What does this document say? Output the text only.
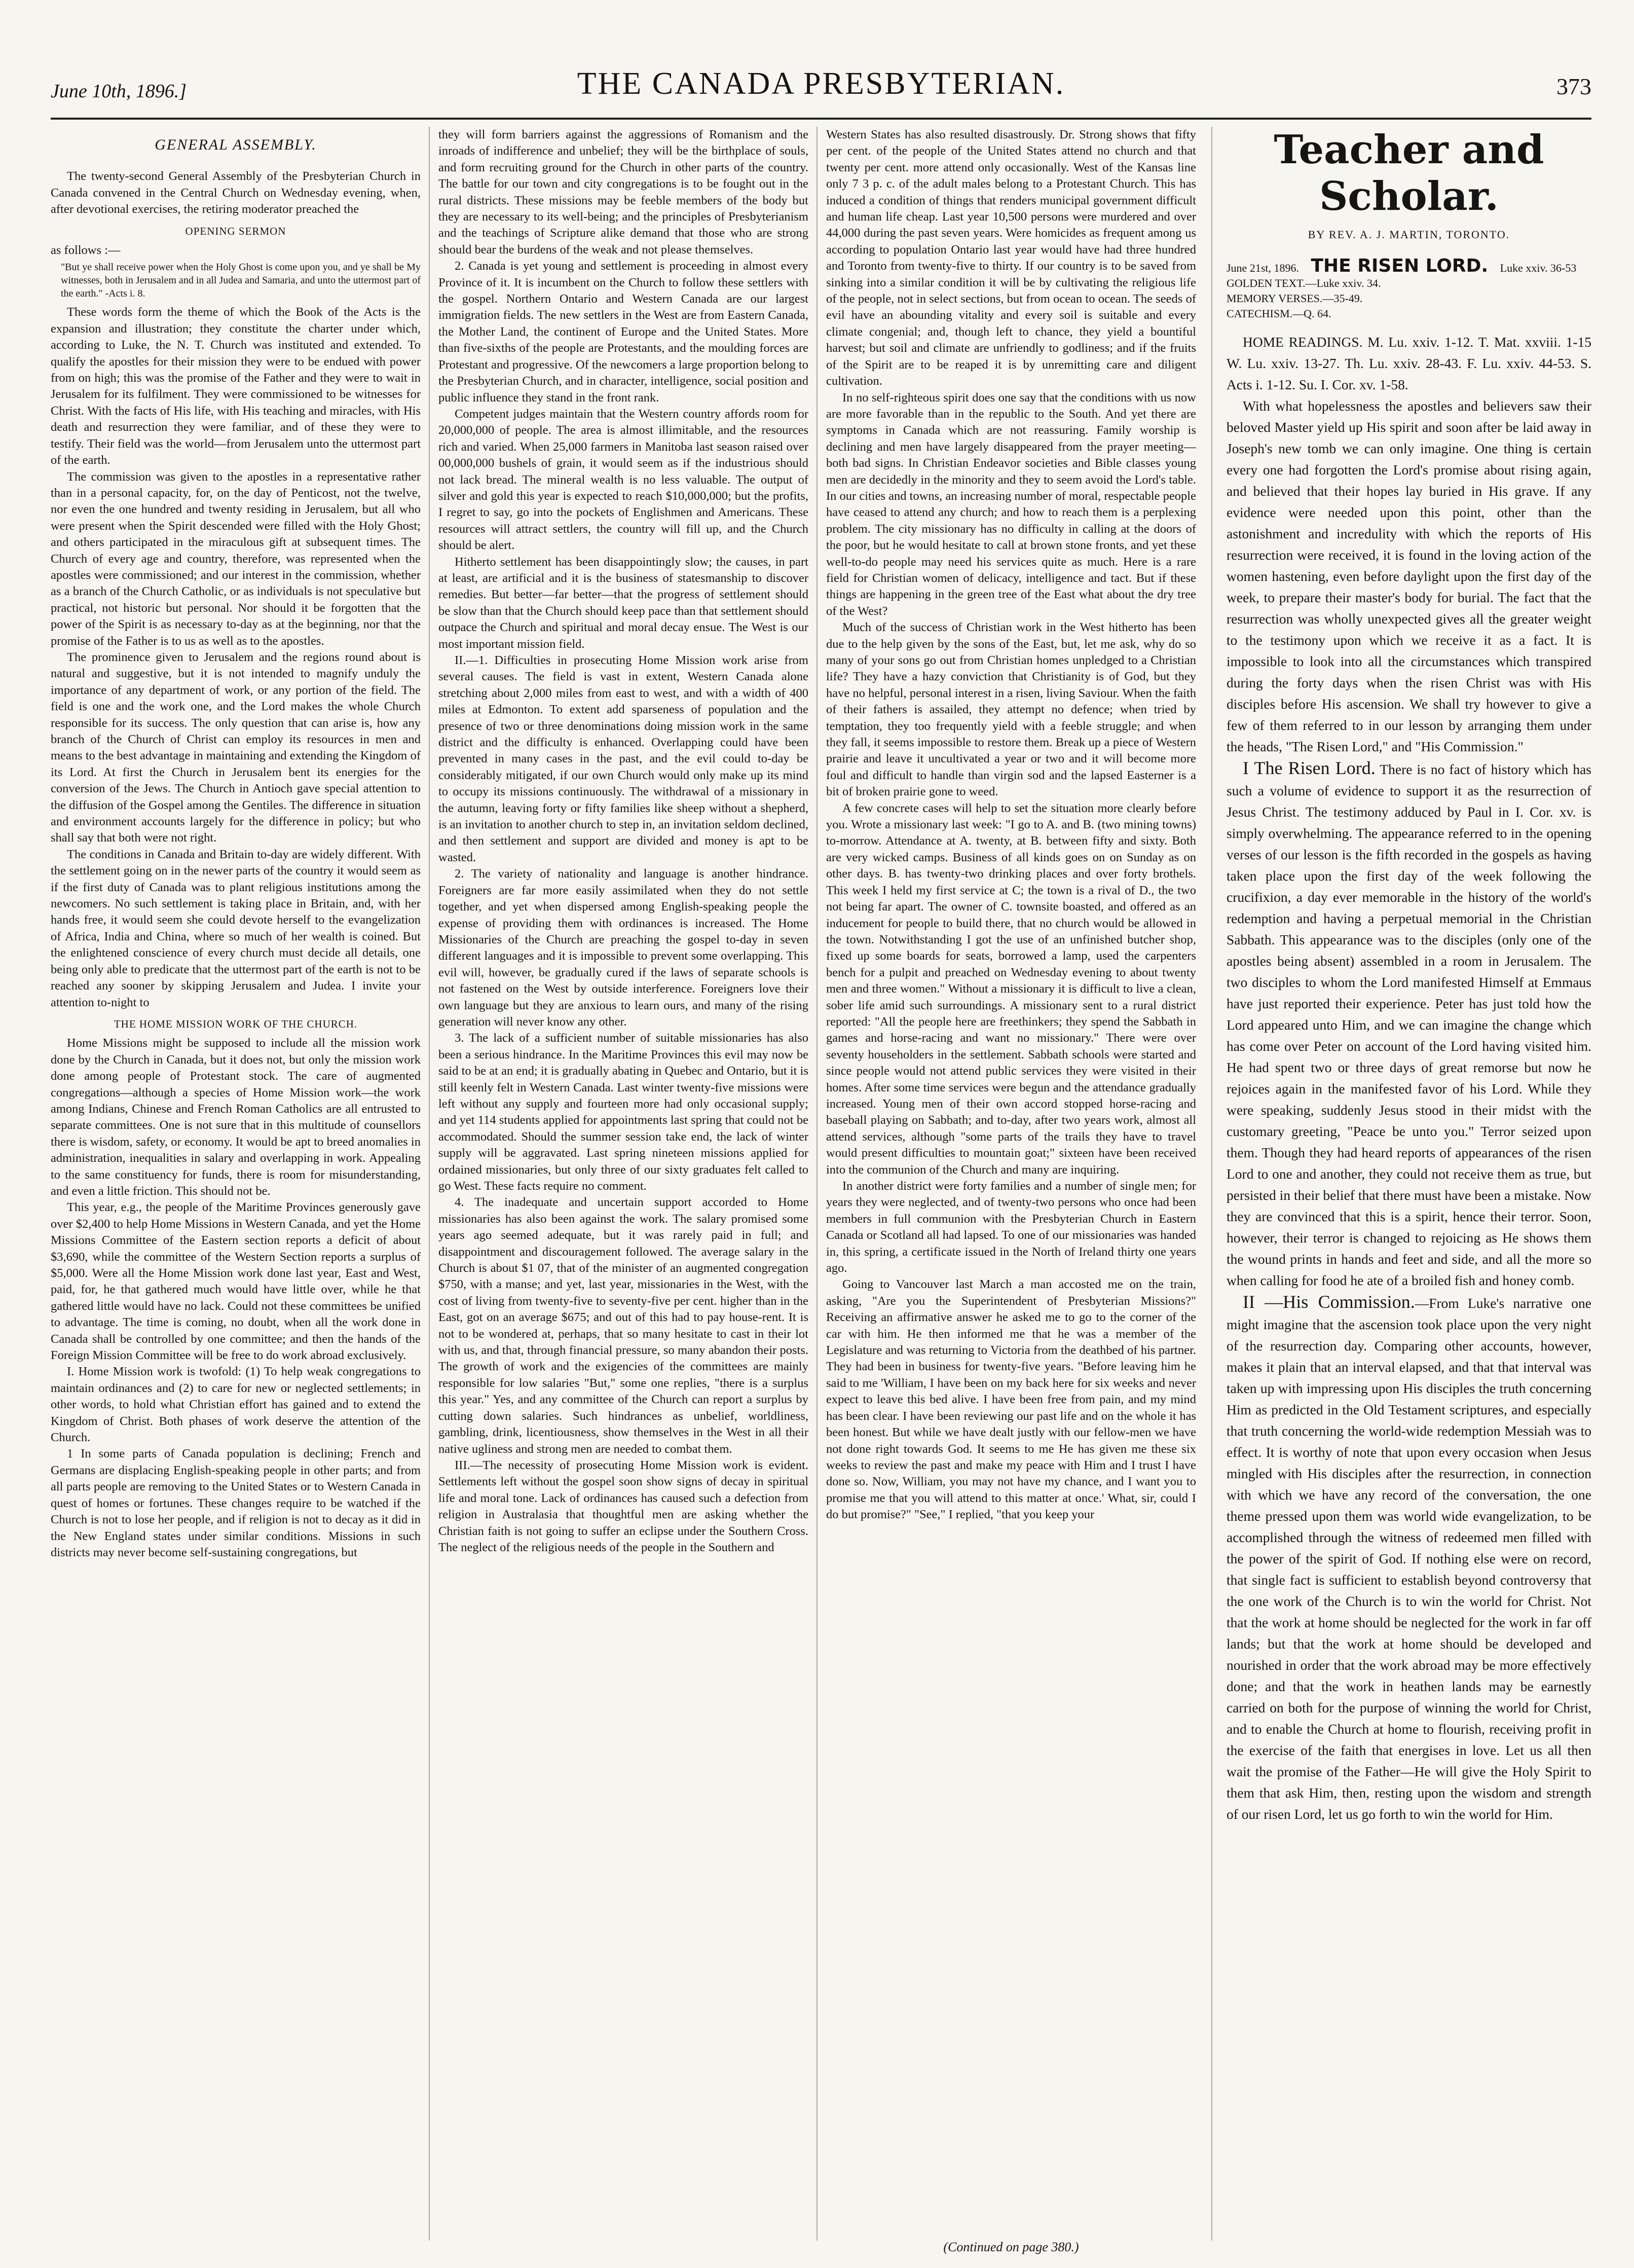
June 10th, 1896.]	THE CANADA PRESBYTERIAN.	373
GENERAL ASSEMBLY.

The twenty-second General Assembly of the Presbyterian Church in Canada convened in the Central Church on Wednesday evening, when, after devotional exercises, the retiring moderator preached the

OPENING SERMON
as follows :—
"But ye shall receive power when the Holy Ghost is come upon you, and ye shall be My witnesses, both in Jerusalem and in all Judea and Samaria, and unto the uttermost part of the earth." -Acts i. 8.

These words form the theme of which the Book of the Acts is the expansion and illustration; they constitute the charter under which, according to Luke, the N. T. Church was instituted and extended. To qualify the apostles for their mission they were to be endued with power from on high; this was the promise of the Father and they were to wait in Jerusalem for its fulfilment. They were commissioned to be witnesses for Christ. With the facts of His life, with His teaching and miracles, with His death and resurrection they were familiar, and of these they were to testify. Their field was the world—from Jerusalem unto the uttermost part of the earth.

The commission was given to the apostles in a representative rather than in a personal capacity, for, on the day of Penticost, not the twelve, nor even the one hundred and twenty residing in Jerusalem, but all who were present when the Spirit descended were filled with the Holy Ghost; and others participated in the miraculous gift at subsequent times. The Church of every age and country, therefore, was represented when the apostles were commissioned; and our interest in the commission, whether as a branch of the Church Catholic, or as individuals is not speculative but practical, not historic but personal. Nor should it be forgotten that the power of the Spirit is as necessary to-day as at the beginning, nor that the promise of the Father is to us as well as to the apostles.

The prominence given to Jerusalem and the regions round about is natural and suggestive, but it is not intended to magnify unduly the importance of any department of work, or any portion of the field. The field is one and the work one, and the Lord makes the whole Church responsible for its success. The only question that can arise is, how any branch of the Church of Christ can employ its resources in men and means to the best advantage in maintaining and extending the Kingdom of its Lord. At first the Church in Jerusalem bent its energies for the conversion of the Jews. The Church in Antioch gave special attention to the diffusion of the Gospel among the Gentiles. The difference in situation and environment accounts largely for the difference in policy; but who shall say that both were not right.

The conditions in Canada and Britain to-day are widely different. With the settlement going on in the newer parts of the country it would seem as if the first duty of Canada was to plant religious institutions among the newcomers. No such settlement is taking place in Britain, and, with her hands free, it would seem she could devote herself to the evangelization of Africa, India and China, where so much of her wealth is coined. But the enlightened conscience of every church must decide all details, one being only able to predicate that the uttermost part of the earth is not to be reached any sooner by skipping Jerusalem and Judea. I invite your attention to-night to

THE HOME MISSION WORK OF THE CHURCH.

Home Missions might be supposed to include all the mission work done by the Church in Canada, but it does not, but only the mission work done among people of Protestant stock. The care of augmented congregations—although a species of Home Mission work—the work among Indians, Chinese and French Roman Catholics are all entrusted to separate committees. One is not sure that in this multitude of counsellors there is wisdom, safety, or economy. It would be apt to breed anomalies in administration, inequalities in salary and overlapping in work. Appealing to the same constituency for funds, there is room for misunderstanding, and even a little friction. This should not be.

This year, e.g., the people of the Maritime Provinces generously gave over $2,400 to help Home Missions in Western Canada, and yet the Home Missions Committee of the Eastern section reports a deficit of about $3,690, while the committee of the Western Section reports a surplus of $5,000. Were all the Home Mission work done last year, East and West, paid, for, he that gathered much would have little over, while he that gathered little would have no lack. Could not these committees be unified to advantage. The time is coming, no doubt, when all the work done in Canada shall be controlled by one committee; and then the hands of the Foreign Mission Committee will be free to do work abroad exclusively.

I. Home Mission work is twofold: (1) To help weak congregations to maintain ordinances and (2) to care for new or neglected settlements; in other words, to hold what Christian effort has gained and to extend the Kingdom of Christ. Both phases of work deserve the attention of the Church.

1 In some parts of Canada population is declining; French and Germans are displacing English-speaking people in other parts; and from all parts people are removing to the United States or to Western Canada in quest of homes or fortunes. These changes require to be watched if the Church is not to lose her people, and if religion is not to decay as it did in the New England states under similar conditions. Missions in such districts may never become self-sustaining congregations, but

they will form barriers against the aggressions of Romanism and the inroads of indifference and unbelief; they will be the birthplace of souls, and form recruiting ground for the Church in other parts of the country. The battle for our town and city congregations is to be fought out in the rural districts. These missions may be feeble members of the body but they are necessary to its well-being; and the principles of Presbyterianism and the teachings of Scripture alike demand that those who are strong should bear the burdens of the weak and not please themselves.

2. Canada is yet young and settlement is proceeding in almost every Province of it. It is incumbent on the Church to follow these settlers with the gospel. Northern Ontario and Western Canada are our largest immigration fields. The new settlers in the West are from Eastern Canada, the Mother Land, the continent of Europe and the United States. More than five-sixths of the people are Protestants, and the moulding forces are Protestant and progressive. Of the newcomers a large proportion belong to the Presbyterian Church, and in character, intelligence, social position and public influence they stand in the front rank.

Competent judges maintain that the Western country affords room for 20,000,000 of people. The area is almost illimitable, and the resources rich and varied. When 25,000 farmers in Manitoba last season raised over 00,000,000 bushels of grain, it would seem as if the industrious should not lack bread. The mineral wealth is no less valuable. The output of silver and gold this year is expected to reach $10,000,000; but the profits, I regret to say, go into the pockets of Englishmen and Americans. These resources will attract settlers, the country will fill up, and the Church should be alert.

Hitherto settlement has been disappointingly slow; the causes, in part at least, are artificial and it is the business of statesmanship to discover remedies. But better—far better—that the progress of settlement should be slow than that the Church should keep pace than that settlement should outpace the Church and spiritual and moral decay ensue. The West is our most important mission field.

II.—1. Difficulties in prosecuting Home Mission work arise from several causes. The field is vast in extent, Western Canada alone stretching about 2,000 miles from east to west, and with a width of 400 miles at Edmonton. To extent add sparseness of population and the presence of two or three denominations doing mission work in the same district and the difficulty is enhanced. Overlapping could have been prevented in many cases in the past, and the evil could to-day be considerably mitigated, if our own Church would only make up its mind to occupy its missions continuously. The withdrawal of a missionary in the autumn, leaving forty or fifty families like sheep without a shepherd, is an invitation to another church to step in, an invitation seldom declined, and then settlement and support are divided and money is apt to be wasted.

2. The variety of nationality and language is another hindrance. Foreigners are far more easily assimilated when they do not settle together, and yet when dispersed among English-speaking people the expense of providing them with ordinances is increased. The Home Missionaries of the Church are preaching the gospel to-day in seven different languages and it is impossible to prevent some overlapping. This evil will, however, be gradually cured if the laws of separate schools is not fastened on the West by outside interference. Foreigners love their own language but they are anxious to learn ours, and many of the rising generation will never know any other.

3. The lack of a sufficient number of suitable missionaries has also been a serious hindrance. In the Maritime Provinces this evil may now be said to be at an end; it is gradually abating in Quebec and Ontario, but it is still keenly felt in Western Canada. Last winter twenty-five missions were left without any supply and fourteen more had only occasional supply; and yet 114 students applied for appointments last spring that could not be accommodated. Should the summer session take end, the lack of winter supply will be aggravated. Last spring nineteen missions applied for ordained missionaries, but only three of our sixty graduates felt called to go West. These facts require no comment.

4. The inadequate and uncertain support accorded to Home missionaries has also been against the work. The salary promised some years ago seemed adequate, but it was rarely paid in full; and disappointment and discouragement followed. The average salary in the Church is about $1 07, that of the minister of an augmented congregation $750, with a manse; and yet, last year, missionaries in the West, with the cost of living from twenty-five to seventy-five per cent. higher than in the East, got on an average $675; and out of this had to pay house-rent. It is not to be wondered at, perhaps, that so many hesitate to cast in their lot with us, and that, through financial pressure, so many abandon their posts. The growth of work and the exigencies of the committees are mainly responsible for low salaries "But," some one replies, "there is a surplus this year." Yes, and any committee of the Church can report a surplus by cutting down salaries. Such hindrances as unbelief, worldliness, gambling, drink, licentiousness, show themselves in the West in all their native ugliness and strong men are needed to combat them.

III.—The necessity of prosecuting Home Mission work is evident. Settlements left without the gospel soon show signs of decay in spiritual life and moral tone. Lack of ordinances has caused such a defection from religion in Australasia that thoughtful men are asking whether the Christian faith is not going to suffer an eclipse under the Southern Cross. The neglect of the religious needs of the people in the Southern and

Western States has also resulted disastrously. Dr. Strong shows that fifty per cent. of the people of the United States attend no church and that twenty per cent. more attend only occasionally. West of the Kansas line only 7 3 p. c. of the adult males belong to a Protestant Church. This has induced a condition of things that renders municipal government difficult and human life cheap. Last year 10,500 persons were murdered and over 44,000 during the past seven years. Were homicides as frequent among us according to population Ontario last year would have had three hundred and Toronto from twenty-five to thirty. If our country is to be saved from sinking into a similar condition it will be by cultivating the religious life of the people, not in select sections, but from ocean to ocean. The seeds of evil have an abounding vitality and every soil is suitable and every climate congenial; and, though left to chance, they yield a bountiful harvest; but soil and climate are unfriendly to godliness; and if the fruits of the Spirit are to be reaped it is by unremitting care and diligent cultivation.

In no self-righteous spirit does one say that the conditions with us now are more favorable than in the republic to the South. And yet there are symptoms in Canada which are not reassuring. Family worship is declining and men have largely disappeared from the prayer meeting—both bad signs. In Christian Endeavor societies and Bible classes young men are decidedly in the minority and they to seem avoid the Lord's table. In our cities and towns, an increasing number of moral, respectable people have ceased to attend any church; and how to reach them is a perplexing problem. The city missionary has no difficulty in calling at the doors of the poor, but he would hesitate to call at brown stone fronts, and yet these well-to-do people may need his services quite as much. Here is a rare field for Christian women of delicacy, intelligence and tact. But if these things are happening in the green tree of the East what about the dry tree of the West?

Much of the success of Christian work in the West hitherto has been due to the help given by the sons of the East, but, let me ask, why do so many of your sons go out from Christian homes unpledged to a Christian life? They have a hazy conviction that Christianity is of God, but they have no helpful, personal interest in a risen, living Saviour. When the faith of their fathers is assailed, they attempt no defence; when tried by temptation, they too frequently yield with a feeble struggle; and when they fall, it seems impossible to restore them. Break up a piece of Western prairie and leave it uncultivated a year or two and it will become more foul and difficult to handle than virgin sod and the lapsed Easterner is a bit of broken prairie gone to weed.

A few concrete cases will help to set the situation more clearly before you. Wrote a missionary last week: "I go to A. and B. (two mining towns) to-morrow. Attendance at A. twenty, at B. between fifty and sixty. Both are very wicked camps. Business of all kinds goes on on Sunday as on other days. B. has twenty-two drinking places and over forty brothels. This week I held my first service at C; the town is a rival of D., the two not being far apart. The owner of C. townsite boasted, and offered as an inducement for people to build there, that no church would be allowed in the town. Notwithstanding I got the use of an unfinished butcher shop, fixed up some boards for seats, borrowed a lamp, used the carpenters bench for a pulpit and preached on Wednesday evening to about twenty men and three women." Without a missionary it is difficult to live a clean, sober life amid such surroundings. A missionary sent to a rural district reported: "All the people here are freethinkers; they spend the Sabbath in games and horse-racing and want no missionary." There were over seventy householders in the settlement. Sabbath schools were started and since people would not attend public services they were visited in their homes. After some time services were begun and the attendance gradually increased. Young men of their own accord stopped horse-racing and baseball playing on Sabbath; and to-day, after two years work, almost all attend services, although "some parts of the trails they have to travel would present difficulties to mountain goat;" sixteen have been received into the communion of the Church and many are inquiring.

In another district were forty families and a number of single men; for years they were neglected, and of twenty-two persons who once had been members in full communion with the Presbyterian Church in Eastern Canada or Scotland all had lapsed. To one of our missionaries was handed in, this spring, a certificate issued in the North of Ireland thirty one years ago.

Going to Vancouver last March a man accosted me on the train, asking, "Are you the Superintendent of Presbyterian Missions?" Receiving an affirmative answer he asked me to go to the corner of the car with him. He then informed me that he was a member of the Legislature and was returning to Victoria from the deathbed of his partner. They had been in business for twenty-five years. "Before leaving him he said to me 'William, I have been on my back here for six weeks and never expect to leave this bed alive. I have been free from pain, and my mind has been clear. I have been reviewing our past life and on the whole it has been honest. But while we have dealt justly with our fellow-men we have not done right towards God. It seems to me He has given me these six weeks to review the past and make my peace with Him and I trust I have done so. Now, William, you may not have my chance, and I want you to promise me that you will attend to this matter at once.' What, sir, could I do but promise?" "See," I replied, "that you keep your

(Continued on page 380.)
Teacher and Scholar.
BY REV. A. J. MARTIN, TORONTO.
June 21st, 1896. THE RISEN LORD. Luke xxiv. 36-53
GOLDEN TEXT.—Luke xxiv. 34.
MEMORY VERSES.—35-49.
CATECHISM.—Q. 64.

HOME READINGS. M. Lu. xxiv. 1-12. T. Mat. xxviii. 1-15 W. Lu. xxiv. 13-27. Th. Lu. xxiv. 28-43. F. Lu. xxiv. 44-53. S. Acts i. 1-12. Su. I. Cor. xv. 1-58.

With what hopelessness the apostles and believers saw their beloved Master yield up His spirit and soon after be laid away in Joseph's new tomb we can only imagine. One thing is certain every one had forgotten the Lord's promise about rising again, and believed that their hopes lay buried in His grave. If any evidence were needed upon this point, other than the astonishment and incredulity with which the reports of His resurrection were received, it is found in the loving action of the women hastening, even before daylight upon the first day of the week, to prepare their master's body for burial. The fact that the resurrection was wholly unexpected gives all the greater weight to the testimony upon which we receive it as a fact. It is impossible to look into all the circumstances which transpired during the forty days when the risen Christ was with His disciples before His ascension. We shall try however to give a few of them referred to in our lesson by arranging them under the heads, "The Risen Lord," and "His Commission."

I The Risen Lord. There is no fact of history which has such a volume of evidence to support it as the resurrection of Jesus Christ. The testimony adduced by Paul in I. Cor. xv. is simply overwhelming. The appearance referred to in the opening verses of our lesson is the fifth recorded in the gospels as having taken place upon the first day of the week following the crucifixion, a day ever memorable in the history of the world's redemption and having a perpetual memorial in the Christian Sabbath. This appearance was to the disciples (only one of the apostles being absent) assembled in a room in Jerusalem. The two disciples to whom the Lord manifested Himself at Emmaus have just reported their experience. Peter has just told how the Lord appeared unto Him, and we can imagine the change which has come over Peter on account of the Lord having visited him. He had spent two or three days of great remorse but now he rejoices again in the manifested favor of his Lord. While they were speaking, suddenly Jesus stood in their midst with the customary greeting, "Peace be unto you." Terror seized upon them. Though they had heard reports of appearances of the risen Lord to one and another, they could not receive them as true, but persisted in their belief that there must have been a mistake. Now they are convinced that this is a spirit, hence their terror. Soon, however, their terror is changed to rejoicing as He shows them the wound prints in hands and feet and side, and all the more so when calling for food he ate of a broiled fish and honey comb.

II —His Commission.—From Luke's narrative one might imagine that the ascension took place upon the very night of the resurrection day. Comparing other accounts, however, makes it plain that an interval elapsed, and that that interval was taken up with impressing upon His disciples the truth concerning Him as predicted in the Old Testament scriptures, and especially that truth concerning the world-wide redemption Messiah was to effect. It is worthy of note that upon every occasion when Jesus mingled with His disciples after the resurrection, in connection with which we have any record of the conversation, the one theme pressed upon them was world wide evangelization, to be accomplished through the witness of redeemed men filled with the power of the spirit of God. If nothing else were on record, that single fact is sufficient to establish beyond controversy that the one work of the Church is to win the world for Christ. Not that the work at home should be neglected for the work in far off lands; but that the work at home should be developed and nourished in order that the work abroad may be more effectively done; and that the work in heathen lands may be earnestly carried on both for the purpose of winning the world for Christ, and to enable the Church at home to flourish, receiving profit in the exercise of the faith that energises in love. Let us all then wait the promise of the Father—He will give the Holy Spirit to them that ask Him, then, resting upon the wisdom and strength of our risen Lord, let us go forth to win the world for Him.
